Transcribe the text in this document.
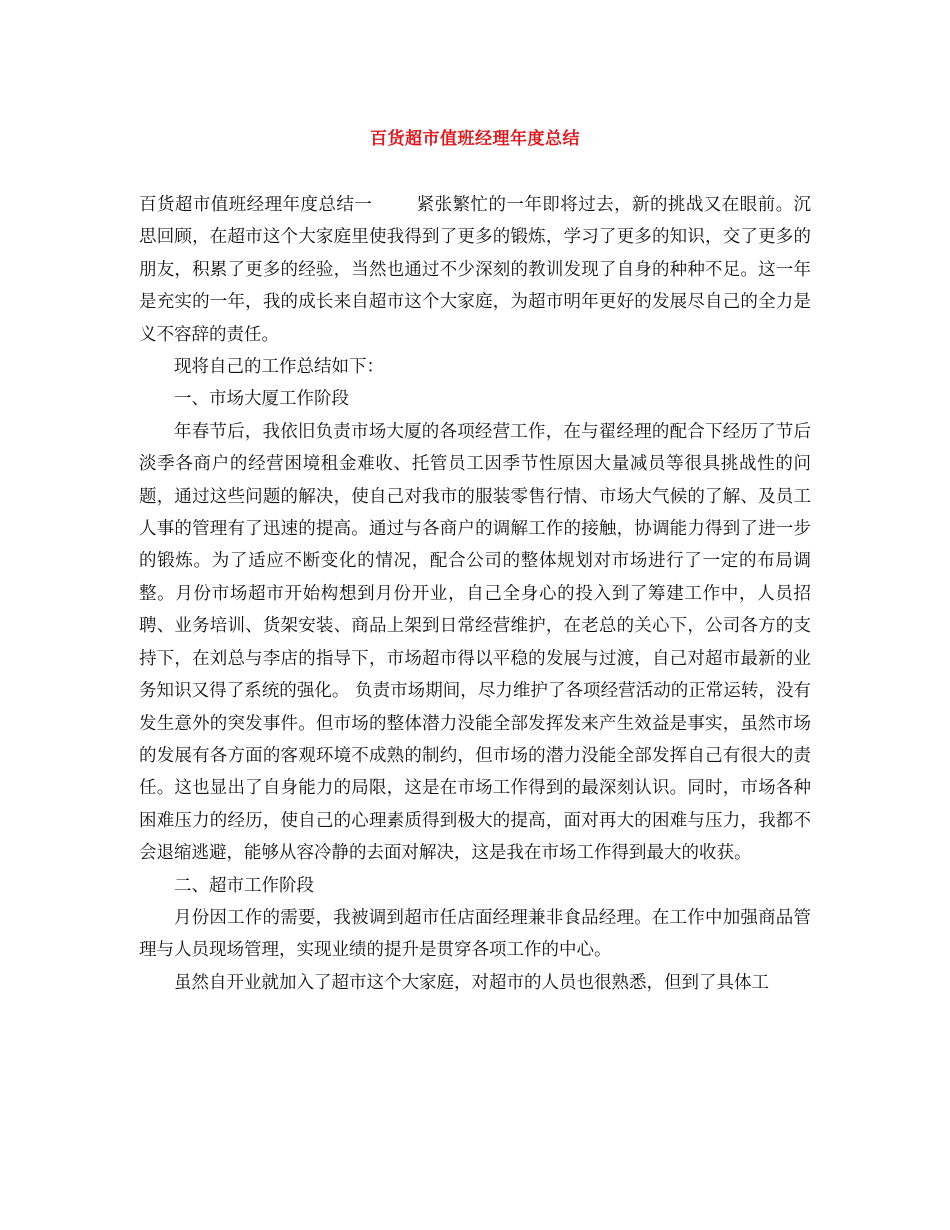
百货超市值班经理年度总结

百货超市值班经理年度总结一	紧张繁忙的一年即将过去，新的挑战又在眼前。沉思回顾，在超市这个大家庭里使我得到了更多的锻炼，学习了更多的知识，交了更多的朋友，积累了更多的经验，当然也通过不少深刻的教训发现了自身的种种不足。这一年是充实的一年，我的成长来自超市这个大家庭，为超市明年更好的发展尽自己的全力是义不容辞的责任。

现将自己的工作总结如下：

一、市场大厦工作阶段

年春节后，我依旧负责市场大厦的各项经营工作，在与翟经理的配合下经历了节后淡季各商户的经营困境租金难收、托管员工因季节性原因大量减员等很具挑战性的问题，通过这些问题的解决，使自己对我市的服装零售行情、市场大气候的了解、及员工人事的管理有了迅速的提高。通过与各商户的调解工作的接触，协调能力得到了进一步的锻炼。为了适应不断变化的情况，配合公司的整体规划对市场进行了一定的布局调整。月份市场超市开始构想到月份开业，自己全身心的投入到了筹建工作中，人员招聘、业务培训、货架安装、商品上架到日常经营维护，在老总的关心下，公司各方的支持下，在刘总与李店的指导下，市场超市得以平稳的发展与过渡，自己对超市最新的业务知识又得了系统的强化。 负责市场期间，尽力维护了各项经营活动的正常运转，没有发生意外的突发事件。但市场的整体潜力没能全部发挥发来产生效益是事实，虽然市场的发展有各方面的客观环境不成熟的制约，但市场的潜力没能全部发挥自己有很大的责任。这也显出了自身能力的局限，这是在市场工作得到的最深刻认识。同时，市场各种困难压力的经历，使自己的心理素质得到极大的提高，面对再大的困难与压力，我都不会退缩逃避，能够从容冷静的去面对解决，这是我在市场工作得到最大的收获。

二、超市工作阶段

月份因工作的需要，我被调到超市任店面经理兼非食品经理。在工作中加强商品管理与人员现场管理，实现业绩的提升是贯穿各项工作的中心。

虽然自开业就加入了超市这个大家庭，对超市的人员也很熟悉，但到了具体工
